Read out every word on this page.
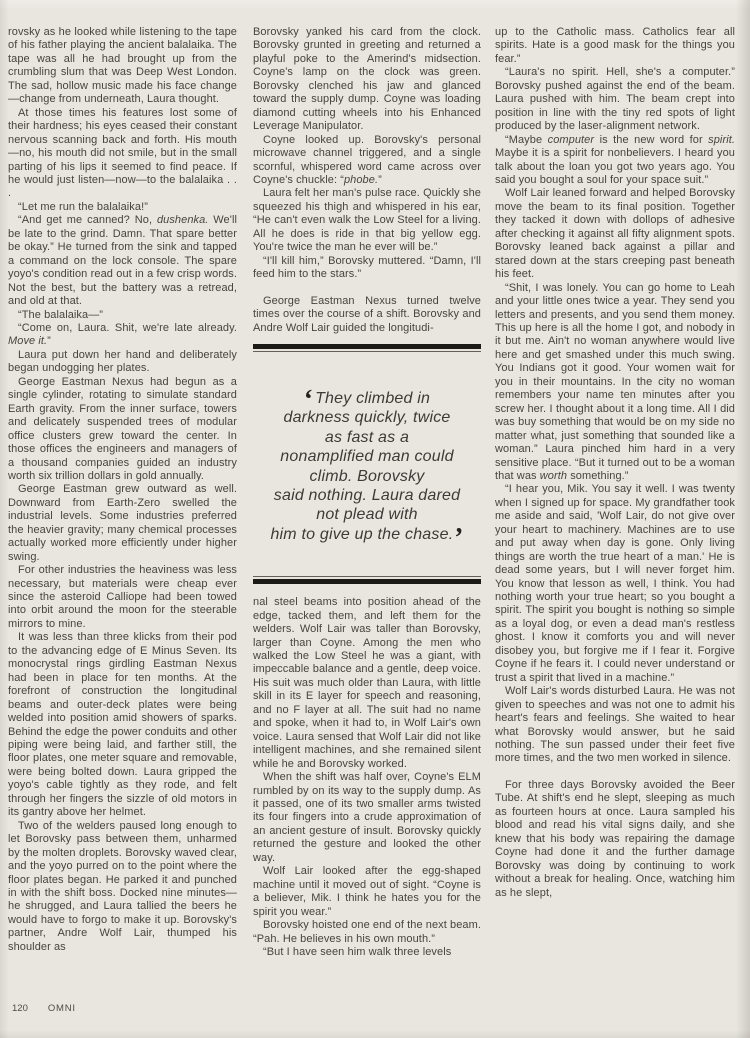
rovsky as he looked while listening to the tape of his father playing the ancient balalaika. The tape was all he had brought up from the crumbling slum that was Deep West London. The sad, hollow music made his face change—change from underneath, Laura thought.

At those times his features lost some of their hardness; his eyes ceased their constant nervous scanning back and forth. His mouth—no, his mouth did not smile, but in the small parting of his lips it seemed to find peace. If he would just listen—now—to the balalaika . . .

“Let me run the balalaika!”

“And get me canned? No, dushenka. We'll be late to the grind. Damn. That spare better be okay.” He turned from the sink and tapped a command on the lock console. The spare yoyo's condition read out in a few crisp words. Not the best, but the battery was a retread, and old at that.

“The balalaika—”

“Come on, Laura. Shit, we're late already. Move it.”

Laura put down her hand and deliberately began undogging her plates.

George Eastman Nexus had begun as a single cylinder, rotating to simulate standard Earth gravity. From the inner surface, towers and delicately suspended trees of modular office clusters grew toward the center. In those offices the engineers and managers of a thousand companies guided an industry worth six trillion dollars in gold annually.

George Eastman grew outward as well. Downward from Earth-Zero swelled the industrial levels. Some industries preferred the heavier gravity; many chemical processes actually worked more efficiently under higher swing.

For other industries the heaviness was less necessary, but materials were cheap ever since the asteroid Calliope had been towed into orbit around the moon for the steerable mirrors to mine.

It was less than three klicks from their pod to the advancing edge of E Minus Seven. Its monocrystal rings girdling Eastman Nexus had been in place for ten months. At the forefront of construction the longitudinal beams and outer-deck plates were being welded into position amid showers of sparks. Behind the edge the power conduits and other piping were being laid, and farther still, the floor plates, one meter square and removable, were being bolted down. Laura gripped the yoyo's cable tightly as they rode, and felt through her fingers the sizzle of old motors in its gantry above her helmet.

Two of the welders paused long enough to let Borovsky pass between them, unharmed by the molten droplets. Borovsky waved clear, and the yoyo purred on to the point where the floor plates began. He parked it and punched in with the shift boss. Docked nine minutes—he shrugged, and Laura tallied the beers he would have to forgo to make it up. Borovsky's partner, Andre Wolf Lair, thumped his shoulder as

Borovsky yanked his card from the clock. Borovsky grunted in greeting and returned a playful poke to the Amerind's midsection. Coyne's lamp on the clock was green. Borovsky clenched his jaw and glanced toward the supply dump. Coyne was loading diamond cutting wheels into his Enhanced Leverage Manipulator.

Coyne looked up. Borovsky's personal microwave channel triggered, and a single scornful, whispered word came across over Coyne's chuckle: “phobe.”

Laura felt her man's pulse race. Quickly she squeezed his thigh and whispered in his ear, “He can't even walk the Low Steel for a living. All he does is ride in that big yellow egg. You're twice the man he ever will be.”

“I'll kill him,” Borovsky muttered. “Damn, I'll feed him to the stars.”

George Eastman Nexus turned twelve times over the course of a shift. Borovsky and Andre Wolf Lair guided the longitudi-

‘ They climbed in
darkness quickly, twice
as fast as a
nonamplified man could
climb. Borovsky
said nothing. Laura dared
not plead with
him to give up the chase.’

nal steel beams into position ahead of the edge, tacked them, and left them for the welders. Wolf Lair was taller than Borovsky, larger than Coyne. Among the men who walked the Low Steel he was a giant, with impeccable balance and a gentle, deep voice. His suit was much older than Laura, with little skill in its E layer for speech and reasoning, and no F layer at all. The suit had no name and spoke, when it had to, in Wolf Lair's own voice. Laura sensed that Wolf Lair did not like intelligent machines, and she remained silent while he and Borovsky worked.

When the shift was half over, Coyne's ELM rumbled by on its way to the supply dump. As it passed, one of its two smaller arms twisted its four fingers into a crude approximation of an ancient gesture of insult. Borovsky quickly returned the gesture and looked the other way.

Wolf Lair looked after the egg-shaped machine until it moved out of sight. “Coyne is a believer, Mik. I think he hates you for the spirit you wear.”

Borovsky hoisted one end of the next beam. “Pah. He believes in his own mouth.”

“But I have seen him walk three levels

up to the Catholic mass. Catholics fear all spirits. Hate is a good mask for the things you fear.”

“Laura's no spirit. Hell, she's a computer.” Borovsky pushed against the end of the beam. Laura pushed with him. The beam crept into position in line with the tiny red spots of light produced by the laser-alignment network.

“Maybe computer is the new word for spirit. Maybe it is a spirit for nonbelievers. I heard you talk about the loan you got two years ago. You said you bought a soul for your space suit.”

Wolf Lair leaned forward and helped Borovsky move the beam to its final position. Together they tacked it down with dollops of adhesive after checking it against all fifty alignment spots. Borovsky leaned back against a pillar and stared down at the stars creeping past beneath his feet.

“Shit, I was lonely. You can go home to Leah and your little ones twice a year. They send you letters and presents, and you send them money. This up here is all the home I got, and nobody in it but me. Ain't no woman anywhere would live here and get smashed under this much swing. You Indians got it good. Your women wait for you in their mountains. In the city no woman remembers your name ten minutes after you screw her. I thought about it a long time. All I did was buy something that would be on my side no matter what, just something that sounded like a woman.” Laura pinched him hard in a very sensitive place. “But it turned out to be a woman that was worth something.”

“I hear you, Mik. You say it well. I was twenty when I signed up for space. My grandfather took me aside and said, 'Wolf Lair, do not give over your heart to machinery. Machines are to use and put away when day is gone. Only living things are worth the true heart of a man.' He is dead some years, but I will never forget him. You know that lesson as well, I think. You had nothing worth your true heart; so you bought a spirit. The spirit you bought is nothing so simple as a loyal dog, or even a dead man's restless ghost. I know it comforts you and will never disobey you, but forgive me if I fear it. Forgive Coyne if he fears it. I could never understand or trust a spirit that lived in a machine.”

Wolf Lair's words disturbed Laura. He was not given to speeches and was not one to admit his heart's fears and feelings. She waited to hear what Borovsky would answer, but he said nothing. The sun passed under their feet five more times, and the two men worked in silence.

For three days Borovsky avoided the Beer Tube. At shift's end he slept, sleeping as much as fourteen hours at once. Laura sampled his blood and read his vital signs daily, and she knew that his body was repairing the damage Coyne had done it and the further damage Borovsky was doing by continuing to work without a break for healing. Once, watching him as he slept,

120 OMNI
